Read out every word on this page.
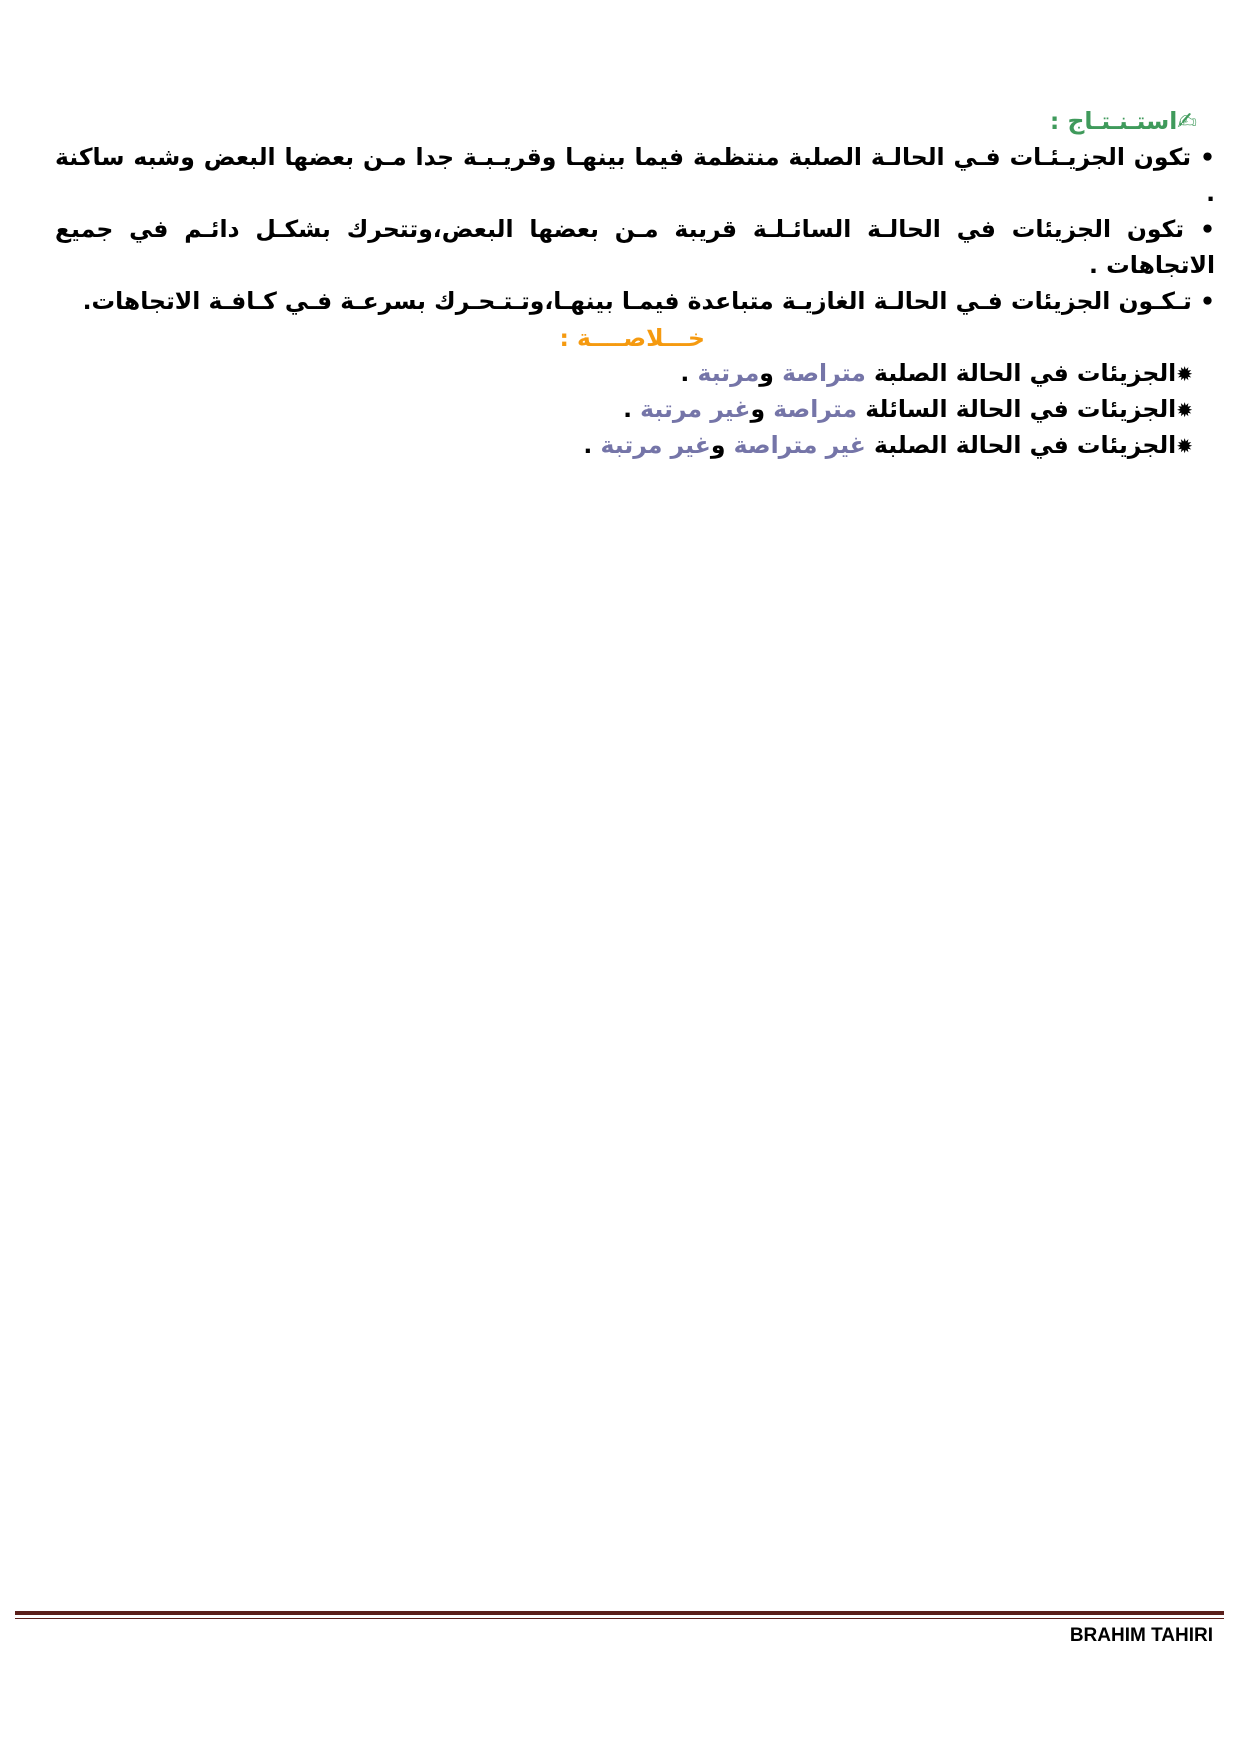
✍استـنـتـاج :
• تكون الجزيـئـات فـي الحالـة الصلبة منتظمة فيما بينهـا وقريـبـة جدا مـن بعضها البعض وشبه ساكنة .
• تكون الجزيئات في الحالـة السائـلـة قريبة مـن بعضها البعض،وتتحرك بشكـل دائـم في جميع الاتجاهات .
• تـكـون الجزيئات فـي الحالـة الغازيـة متباعدة فيمـا بينهـا،وتـتـحـرك بسرعـة فـي كـافـة الاتجاهات.
خـــلاصــــة :
✹الجزيئات في الحالة الصلبة متراصة ومرتبة .
✹الجزيئات في الحالة السائلة متراصة وغير مرتبة .
✹الجزيئات في الحالة الصلبة غير متراصة وغير مرتبة .
BRAHIM TAHIRI
